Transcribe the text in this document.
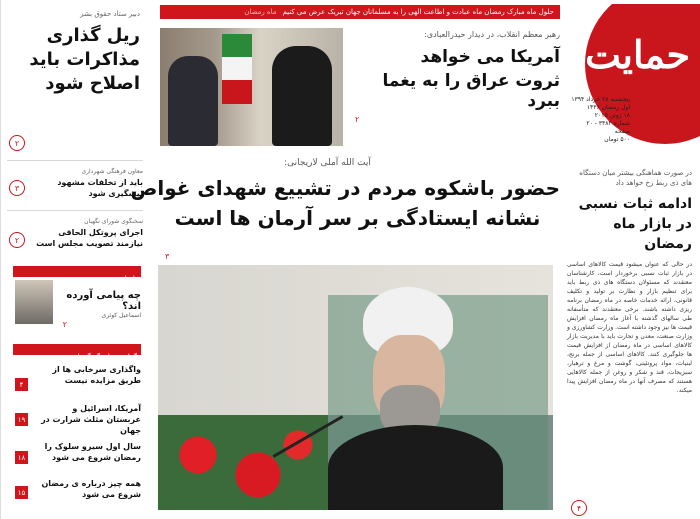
حلول ماه مبارک رمضان ماه عبادت و اطاعت الهی را به مسلمانان جهان تبریک عرض می کنیم
ماه رمضان
حمایت
پنجشنبه ۲۸ خرداد ۱۳۹۴
اول رمضان ۱۴۳۶
۱۸ ژوئن ۲۰۱۵
شماره ۳۴۸۲ - ۲۰ صفحه
۵۰۰ تومان
رهبر معظم انقلاب، در دیدار حیدرالعبادی:
آمریکا می خواهد
ثروت عراق را به یغما ببرد
۲
دبیر ستاد حقوق بشر
ریل گذاری مذاکرات باید اصلاح شود
۲
معاون فرهنگی شهرداری
باید از تخلفات مشهود پیشگیری شود
۳
سخنگوی شورای نگهبان
اجرای پروتکل الحاقی نیازمند تصویب مجلس است
۲
یادداشت
چه پیامی آورده اند؟
اسماعیل کوثری
۲
گزارش ها و گفتگوها
واگذاری سرخابی ها از طریق مزایده نیست
۴
آمریکا، اسرائیل و عربستان مثلث شرارت در جهان
۱۹
سال اول سیرو سلوک را رمضان شروع می شود
۱۸
همه چیز درباره ی رمضان شروع می شود
۱۵
آیت الله آملی لاریجانی:
حضور باشکوه مردم در تشییع شهدای غواص
نشانه ایستادگی بر سر آرمان ها است
۳
در صورت هماهنگی بیشتر میان دستگاه های ذی ربط رخ خواهد داد
ادامه ثبات نسبی در بازار ماه رمضان
در حالی که عنوان میشود قیمت کالاهای اساسی در بازار ثبات نسبی برخوردار است، کارشناسان معتقدند که مسئولان دستگاه های ذی ربط باید برای تنظیم بازار و نظارت بر تولید و تکلیف قانونی، ارائه خدمات خاصه در ماه رمضان برنامه ریزی داشته باشند. برخی معتقدند که متأسفانه طی سالهای گذشته با آغاز ماه رمضان افزایش قیمت ها نیز وجود داشته است. وزارت کشاورزی و وزارت صنعت، معدن و تجارت باید با مدیریت بازار کالاهای اساسی در ماه رمضان از افزایش قیمت ها جلوگیری کنند. کالاهای اساسی از جمله برنج، لبنیات، مواد پروتئینی، گوشت و مرغ و ترهبار، سبزیجات، قند و شکر و روغن از جمله کالاهایی هستند که مصرف آنها در ماه رمضان افزایش پیدا میکند.
۴
